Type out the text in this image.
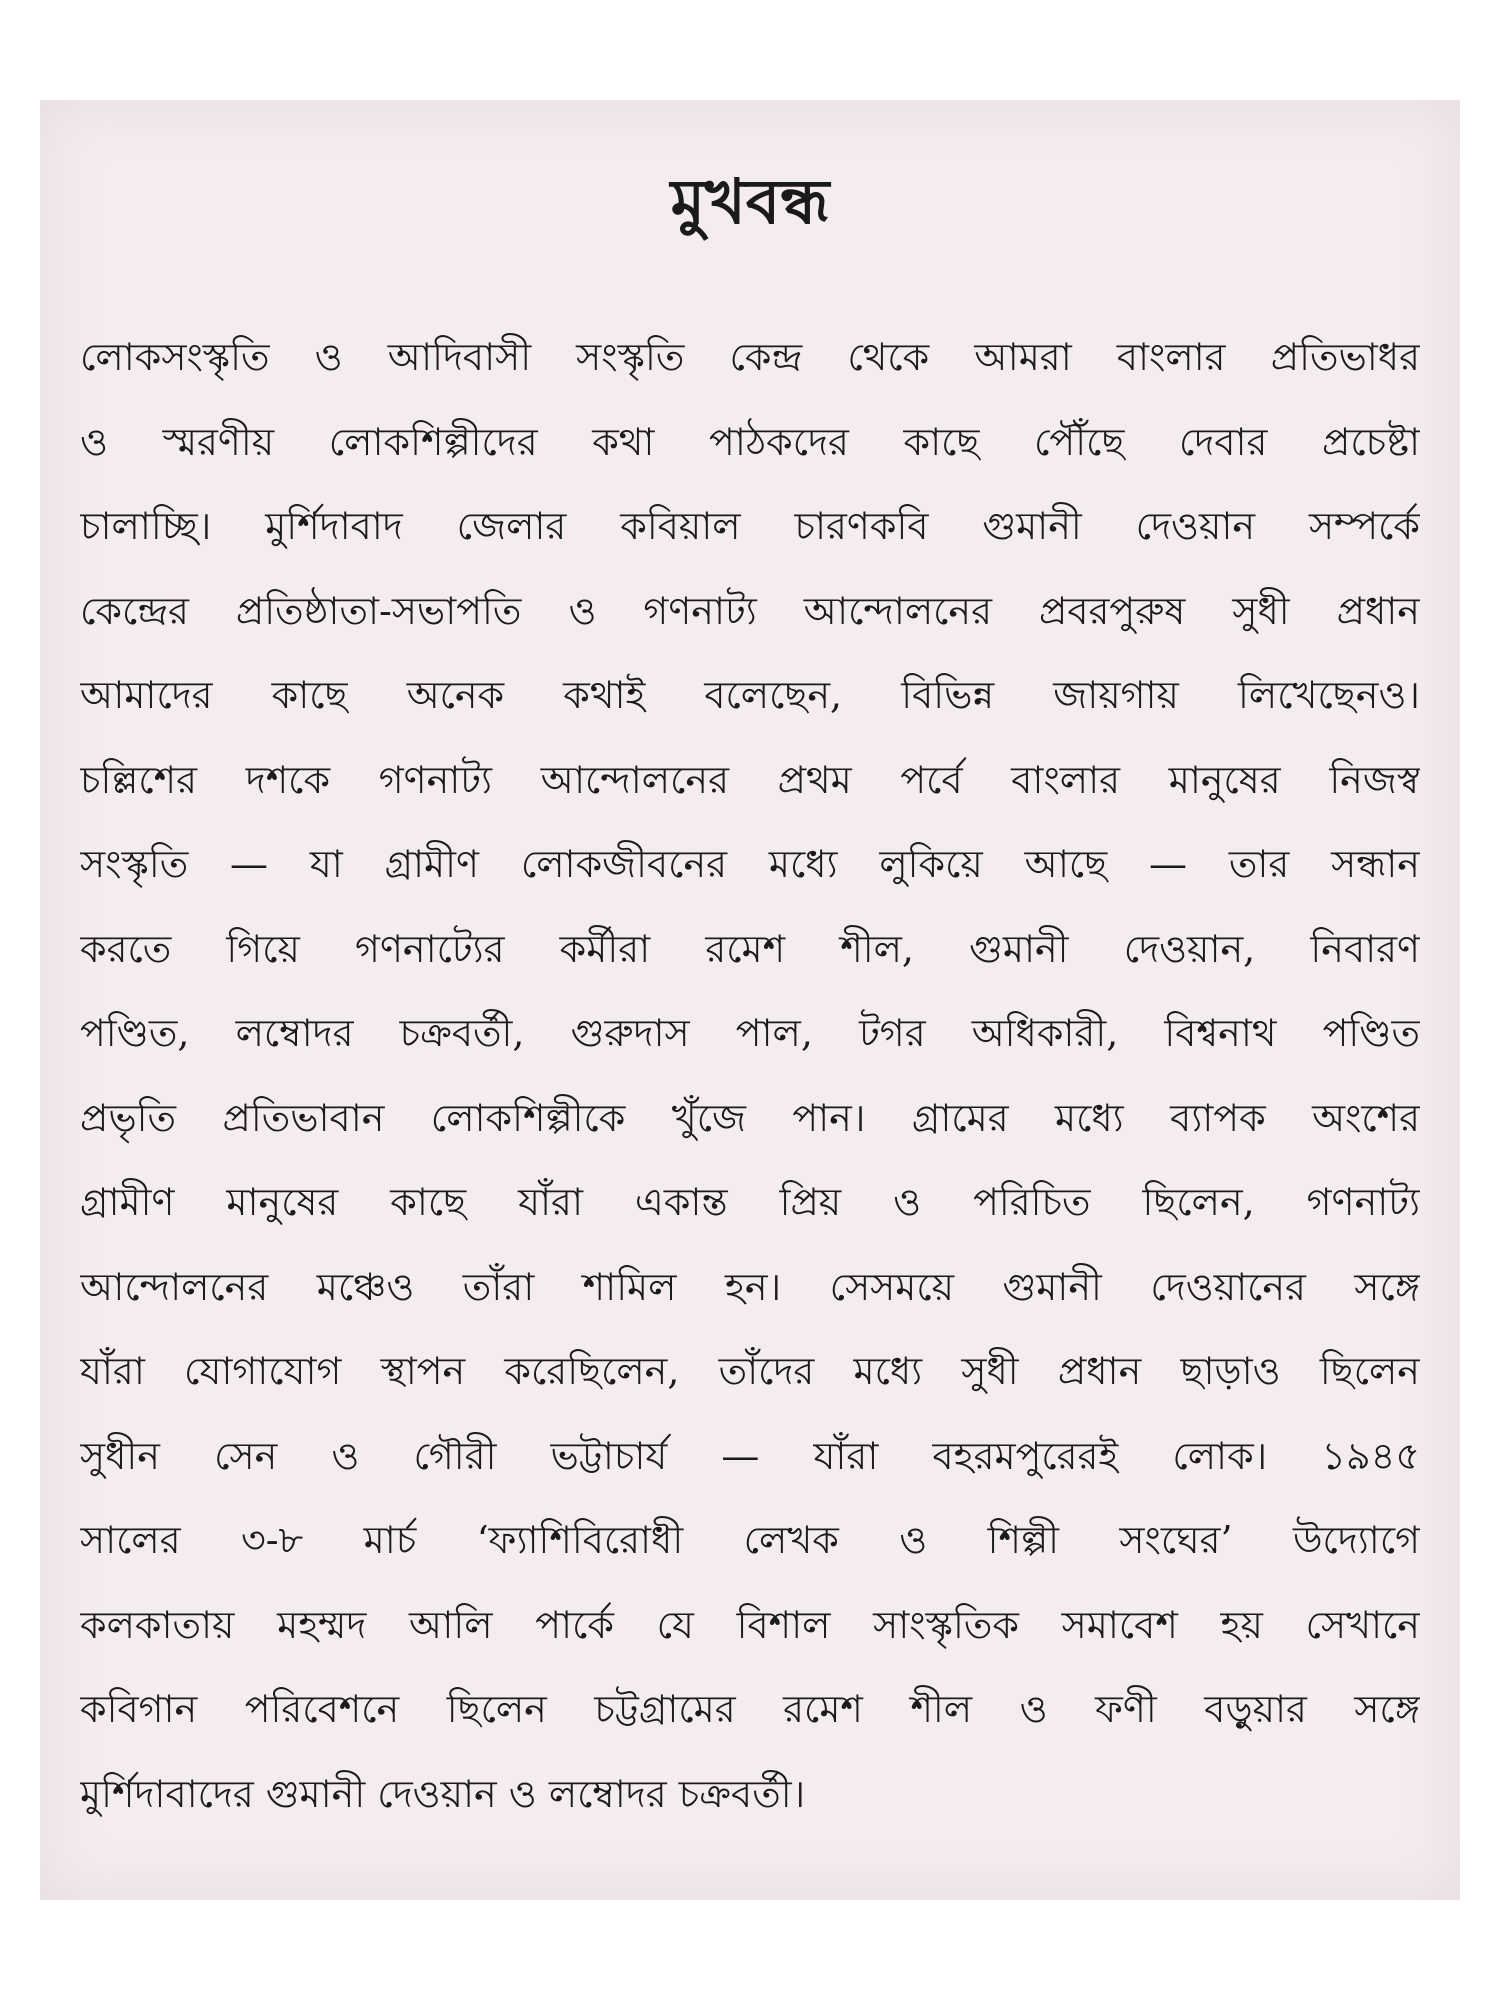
মুখবন্ধ
লোকসংস্কৃতি ও আদিবাসী সংস্কৃতি কেন্দ্র থেকে আমরা বাংলার প্রতিভাধর
ও স্মরণীয় লোকশিল্পীদের কথা পাঠকদের কাছে পৌঁছে দেবার প্রচেষ্টা
চালাচ্ছি। মুর্শিদাবাদ জেলার কবিয়াল চারণকবি গুমানী দেওয়ান সম্পর্কে
কেন্দ্রের প্রতিষ্ঠাতা-সভাপতি ও গণনাট্য আন্দোলনের প্রবরপুরুষ সুধী প্রধান
আমাদের কাছে অনেক কথাই বলেছেন, বিভিন্ন জায়গায় লিখেছেনও।
চল্লিশের দশকে গণনাট্য আন্দোলনের প্রথম পর্বে বাংলার মানুষের নিজস্ব
সংস্কৃতি — যা গ্রামীণ লোকজীবনের মধ্যে লুকিয়ে আছে — তার সন্ধান
করতে গিয়ে গণনাট্যের কর্মীরা রমেশ শীল, গুমানী দেওয়ান, নিবারণ
পণ্ডিত, লম্বোদর চক্রবর্তী, গুরুদাস পাল, টগর অধিকারী, বিশ্বনাথ পণ্ডিত
প্রভৃতি প্রতিভাবান লোকশিল্পীকে খুঁজে পান। গ্রামের মধ্যে ব্যাপক অংশের
গ্রামীণ মানুষের কাছে যাঁরা একান্ত প্রিয় ও পরিচিত ছিলেন, গণনাট্য
আন্দোলনের মঞ্চেও তাঁরা শামিল হন। সেসময়ে গুমানী দেওয়ানের সঙ্গে
যাঁরা যোগাযোগ স্থাপন করেছিলেন, তাঁদের মধ্যে সুধী প্রধান ছাড়াও ছিলেন
সুধীন সেন ও গৌরী ভট্টাচার্য — যাঁরা বহরমপুরেরই লোক। ১৯৪৫
সালের ৩-৮ মার্চ ‘ফ্যাশিবিরোধী লেখক ও শিল্পী সংঘের’ উদ্যোগে
কলকাতায় মহম্মদ আলি পার্কে যে বিশাল সাংস্কৃতিক সমাবেশ হয় সেখানে
কবিগান পরিবেশনে ছিলেন চট্টগ্রামের রমেশ শীল ও ফণী বড়ুয়ার সঙ্গে
মুর্শিদাবাদের গুমানী দেওয়ান ও লম্বোদর চক্রবর্তী।
